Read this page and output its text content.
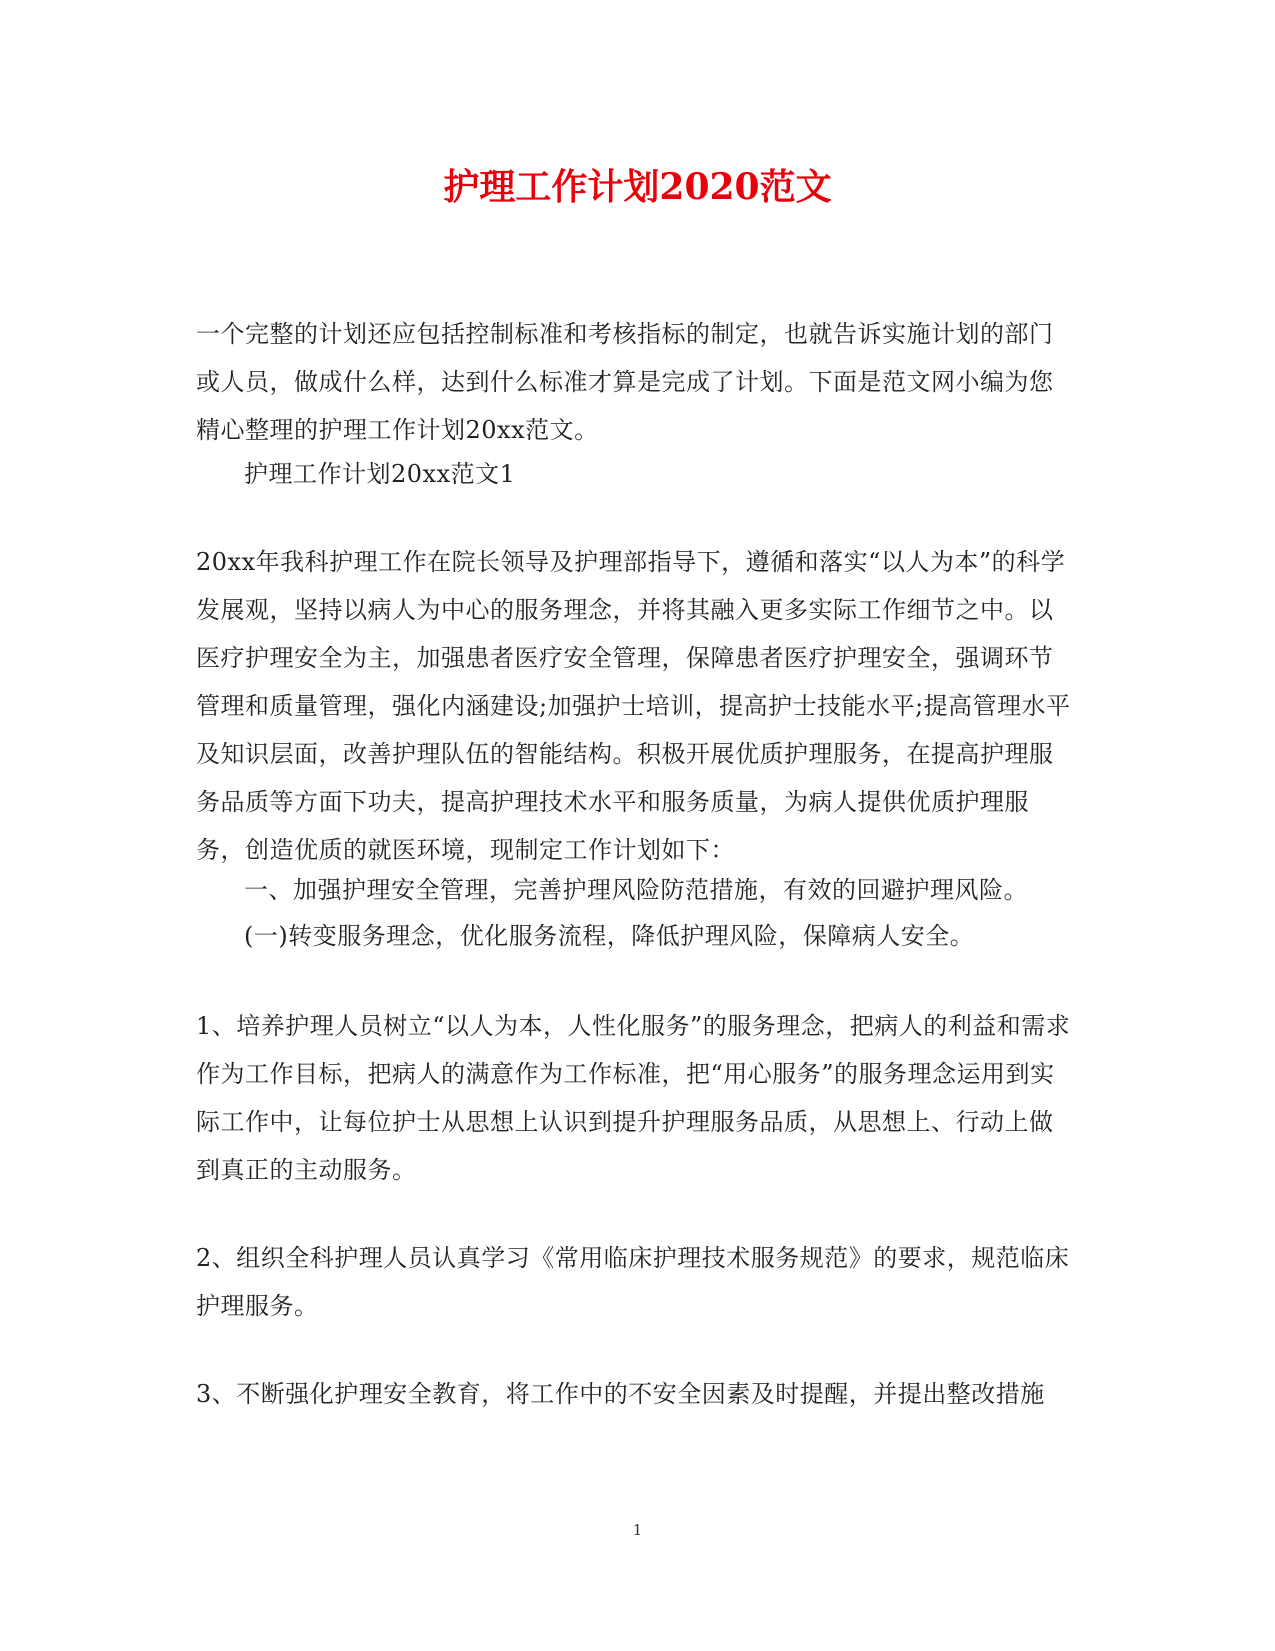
护理工作计划2020范文

一个完整的计划还应包括控制标准和考核指标的制定，也就告诉实施计划的部门或人员，做成什么样，达到什么标准才算是完成了计划。下面是范文网小编为您精心整理的护理工作计划20xx范文。

护理工作计划20xx范文1

20xx年我科护理工作在院长领导及护理部指导下，遵循和落实“以人为本”的科学发展观，坚持以病人为中心的服务理念，并将其融入更多实际工作细节之中。以医疗护理安全为主，加强患者医疗安全管理，保障患者医疗护理安全，强调环节管理和质量管理，强化内涵建设;加强护士培训，提高护士技能水平;提高管理水平及知识层面，改善护理队伍的智能结构。积极开展优质护理服务，在提高护理服务品质等方面下功夫，提高护理技术水平和服务质量，为病人提供优质护理服务，创造优质的就医环境，现制定工作计划如下：

一、加强护理安全管理，完善护理风险防范措施，有效的回避护理风险。

(一)转变服务理念，优化服务流程，降低护理风险，保障病人安全。

1、培养护理人员树立“以人为本，人性化服务”的服务理念，把病人的利益和需求作为工作目标，把病人的满意作为工作标准，把“用心服务”的服务理念运用到实际工作中，让每位护士从思想上认识到提升护理服务品质，从思想上、行动上做到真正的主动服务。

2、组织全科护理人员认真学习《常用临床护理技术服务规范》的要求，规范临床护理服务。

3、不断强化护理安全教育，将工作中的不安全因素及时提醒，并提出整改措施

1
